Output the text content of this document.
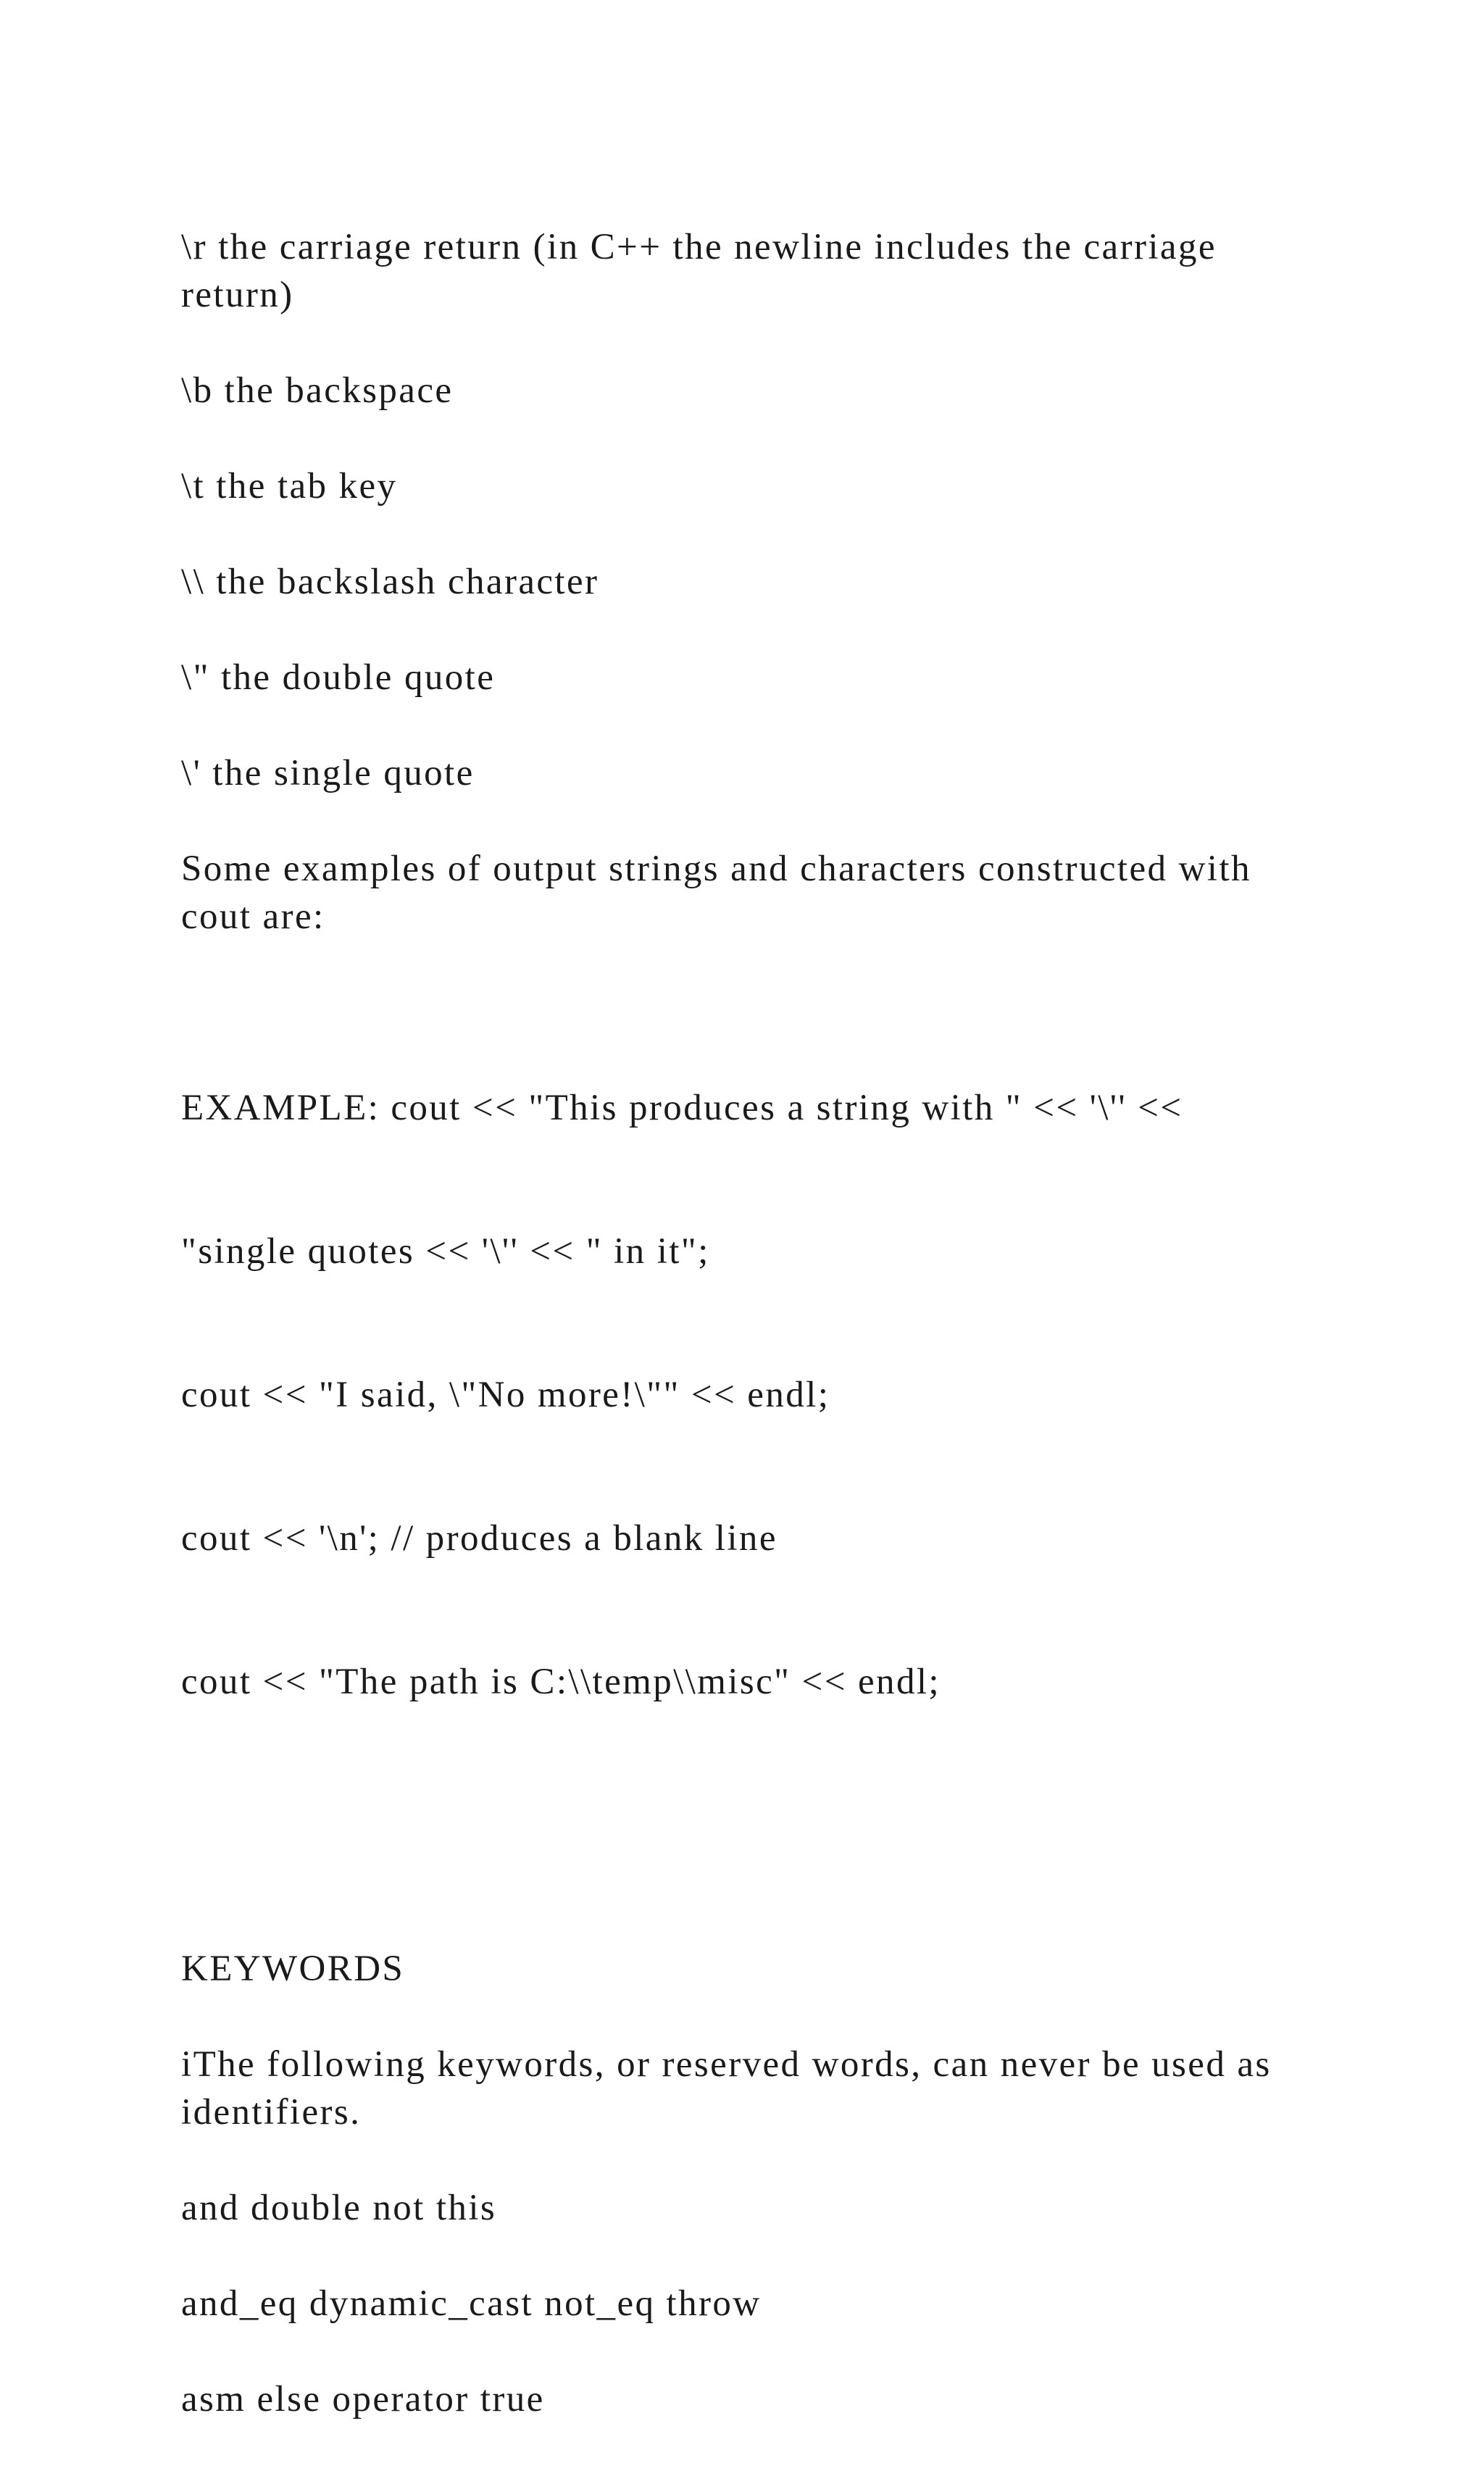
\r the carriage return (in C++ the newline includes the carriage return)

\b the backspace

\t the tab key

\\ the backslash character

\" the double quote

\' the single quote

Some examples of output strings and characters constructed with cout are:

EXAMPLE: cout << "This produces a string with " << '\'' <<

"single quotes << '\'' << " in it";

cout << "I said, \"No more!\"" << endl;

cout << '\n'; // produces a blank line

cout << "The path is C:\\temp\\misc" << endl;

KEYWORDS

iThe following keywords, or reserved words, can never be used as identifiers.

and double not this

and_eq dynamic_cast not_eq throw

asm else operator true
